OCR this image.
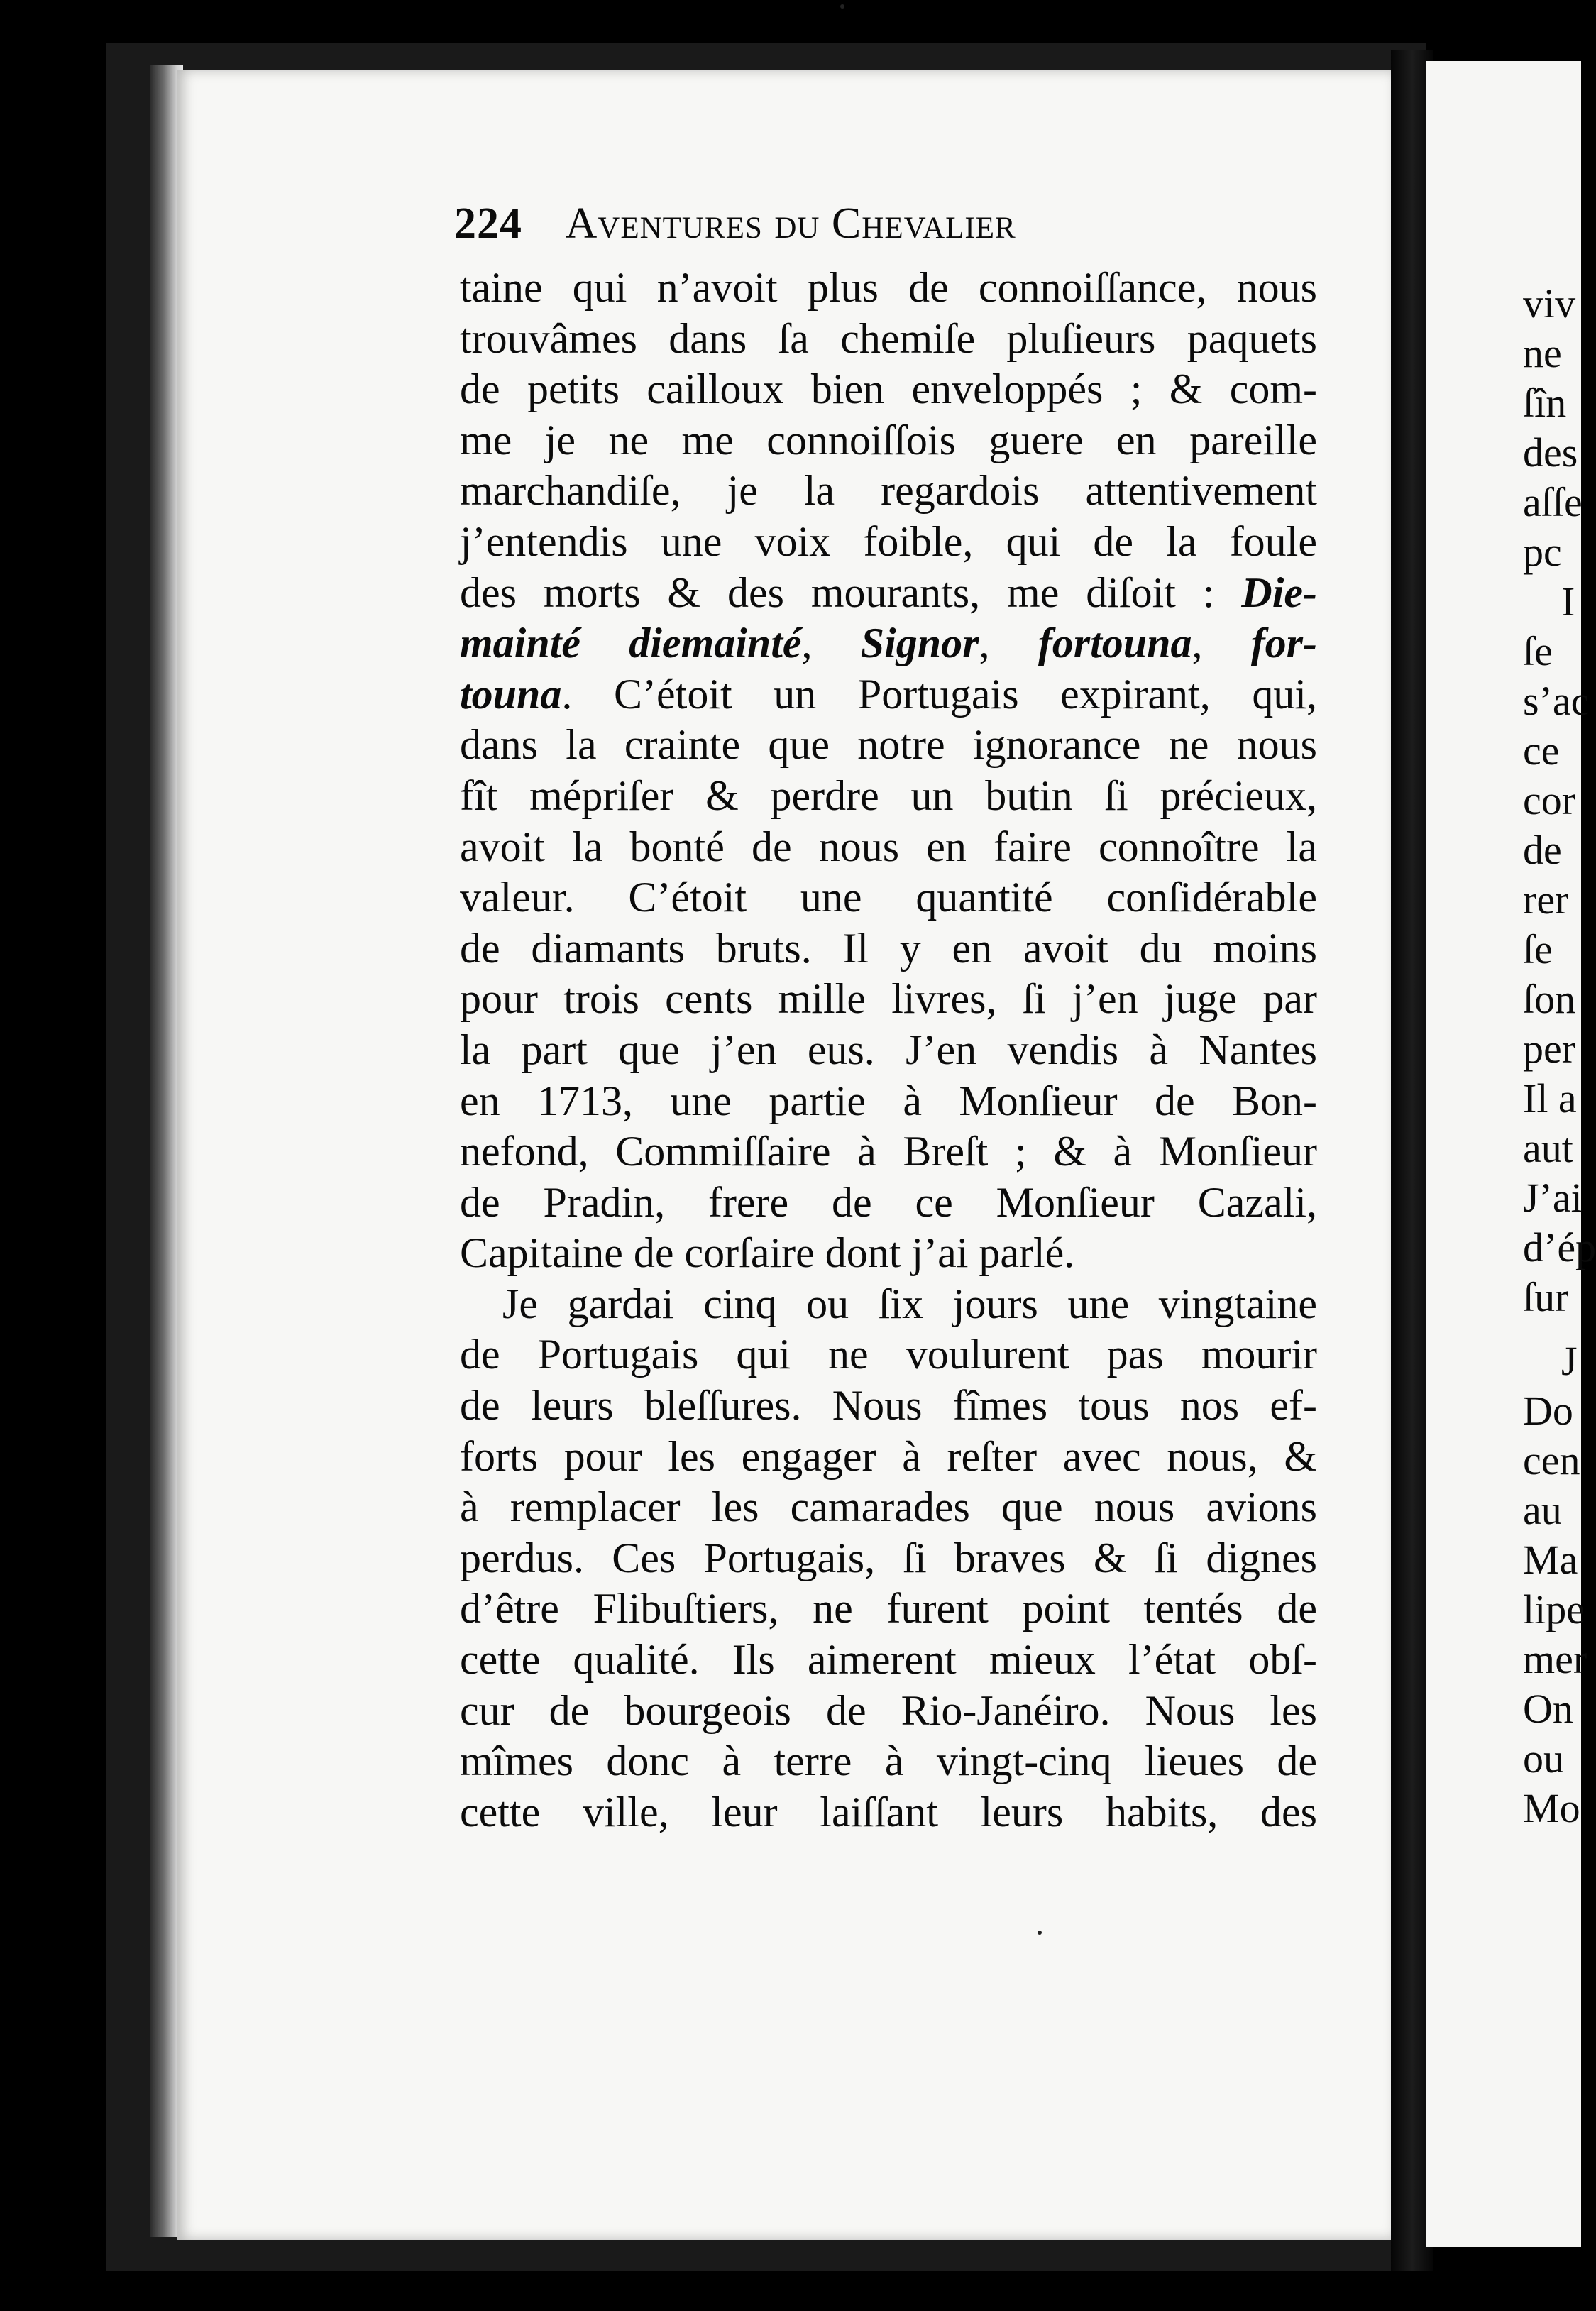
224 Aventures du Chevalier
taine qui n’avoit plus de connoiſſance, nous
trouvâmes dans ſa chemiſe pluſieurs paquets
de petits cailloux bien enveloppés ; & com-
me je ne me connoiſſois guere en pareille
marchandiſe, je la regardois attentivement
j’entendis une voix foible, qui de la foule
des morts & des mourants, me diſoit : Die-
mainté diemainté, Signor, fortouna, for-
touna. C’étoit un Portugais expirant, qui,
dans la crainte que notre ignorance ne nous
fît mépriſer & perdre un butin ſi précieux,
avoit la bonté de nous en faire connoître la
valeur. C’étoit une quantité conſidérable
de diamants bruts. Il y en avoit du moins
pour trois cents mille livres, ſi j’en juge par
la part que j’en eus. J’en vendis à Nantes
en 1713, une partie à Monſieur de Bon-
nefond, Commiſſaire à Breſt ; & à Monſieur
de Pradin, frere de ce Monſieur Cazali,
Capitaine de corſaire dont j’ai parlé.
Je gardai cinq ou ſix jours une vingtaine
de Portugais qui ne voulurent pas mourir
de leurs bleſſures. Nous fîmes tous nos ef-
forts pour les engager à reſter avec nous, &
à remplacer les camarades que nous avions
perdus. Ces Portugais, ſi braves & ſi dignes
d’être Flibuſtiers, ne furent point tentés de
cette qualité. Ils aimerent mieux l’état obſ-
cur de bourgeois de Rio-Janéiro. Nous les
mîmes donc à terre à vingt-cinq lieues de
cette ville, leur laiſſant leurs habits, des
viv
ne
ſîn
des
aſſe
pc
I
ſe
s’ac
ce
cor
de
rer
ſe
ſon
per
Il a
aut
J’ai
d’ép
ſur
J
Do
cen
au
Ma
lipe
mer
On
ou
Mo
